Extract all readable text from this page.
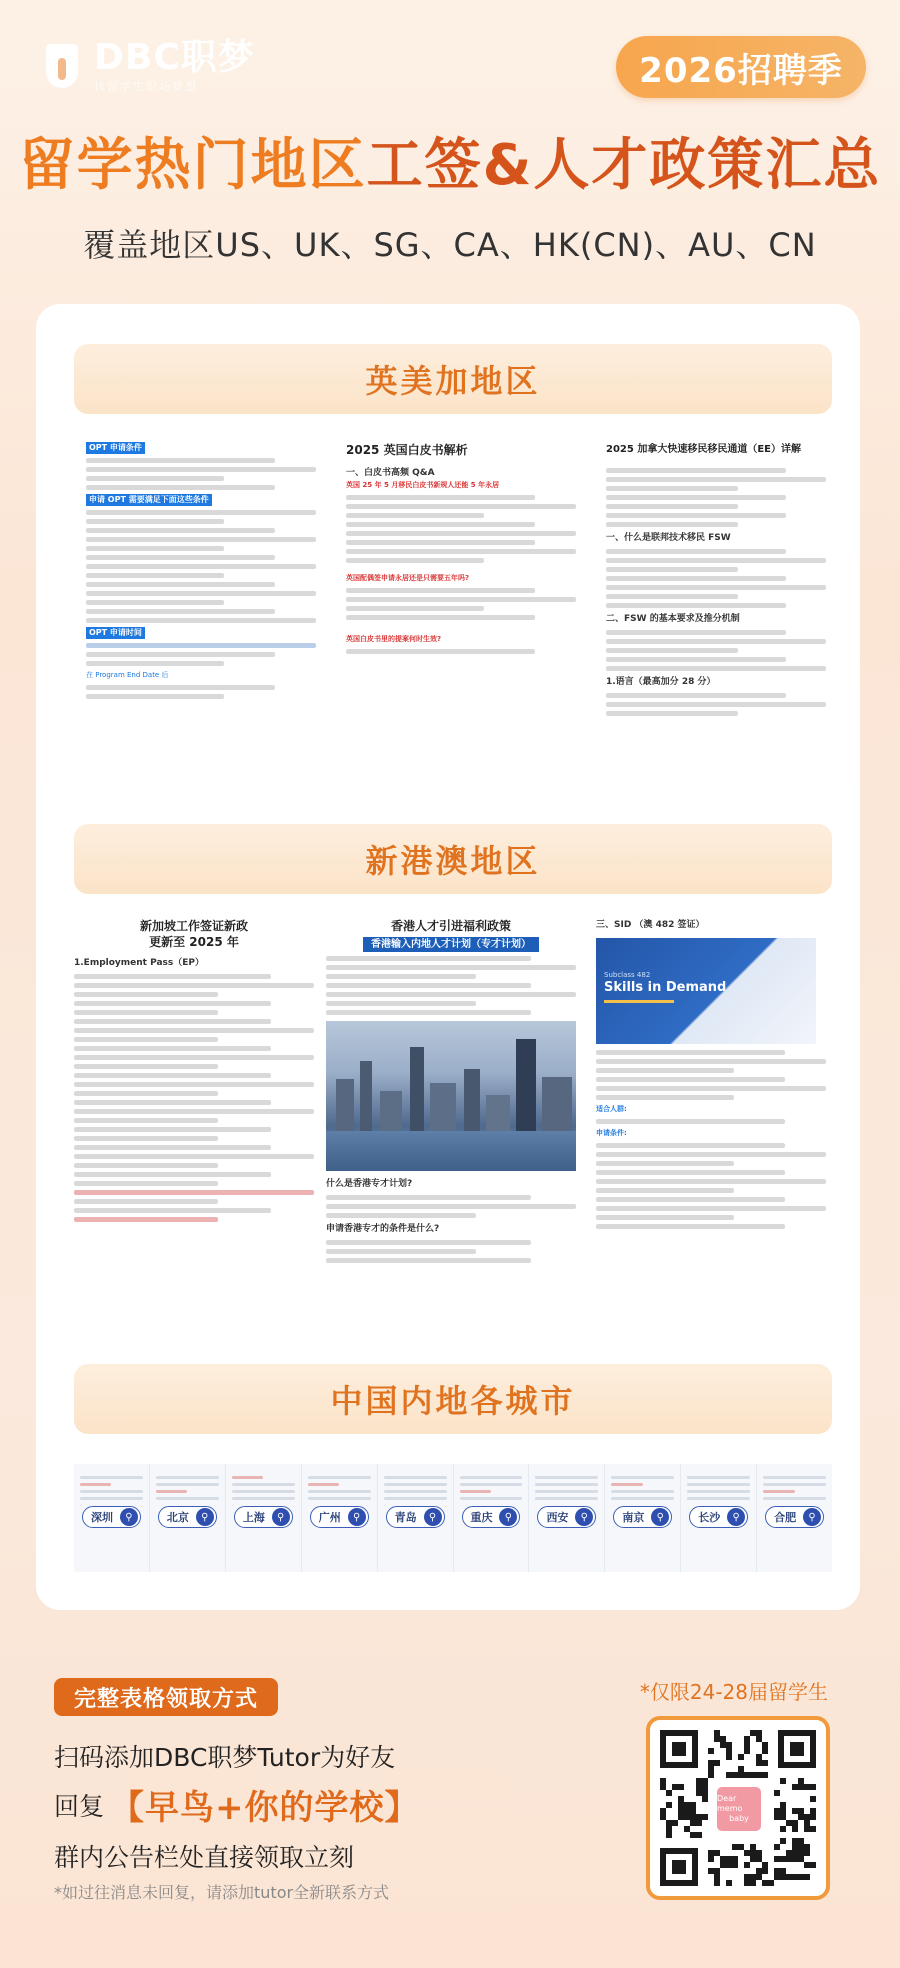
DBC职梦
找留学生职场梦想	2026招聘季
留学热门地区工签&人才政策汇总
覆盖地区US、UK、SG、CA、HK(CN)、AU、CN
英美加地区
OPT 申请条件
申请 OPT 需要满足下面这些条件
OPT 申请时间
在 Program End Date 后
2025 英国白皮书解析
一、白皮书高频 Q&A
英国 25 年 5 月移民白皮书新规人还能 5 年永居
英国配偶签申请永居还是只需要五年吗?
英国白皮书里的提案何时生效?
2025 加拿大快速移民移民通道（EE）详解
一、什么是联邦技术移民 FSW
二、FSW 的基本要求及推分机制
1.语言（最高加分 28 分）
新港澳地区
新加坡工作签证新政
更新至 2025 年
1.Employment Pass（EP）
香港人才引进福利政策
香港输入内地人才计划（专才计划）
什么是香港专才计划?
申请香港专才的条件是什么?
三、SID （澳 482 签证）
Subclass 482
Skills in Demand
适合人群:
申请条件:
中国内地各城市
深圳	⚲	北京	⚲	上海	⚲	广州	⚲	青岛	⚲	重庆	⚲	西安	⚲	南京	⚲	长沙	⚲	合肥	⚲
完整表格领取方式	*仅限24-28届留学生
扫码添加DBC职梦Tutor为好友
回复 【早鸟+你的学校】
群内公告栏处直接领取立刻
*如过往消息未回复，请添加tutor全新联系方式
Dear memo
baby
